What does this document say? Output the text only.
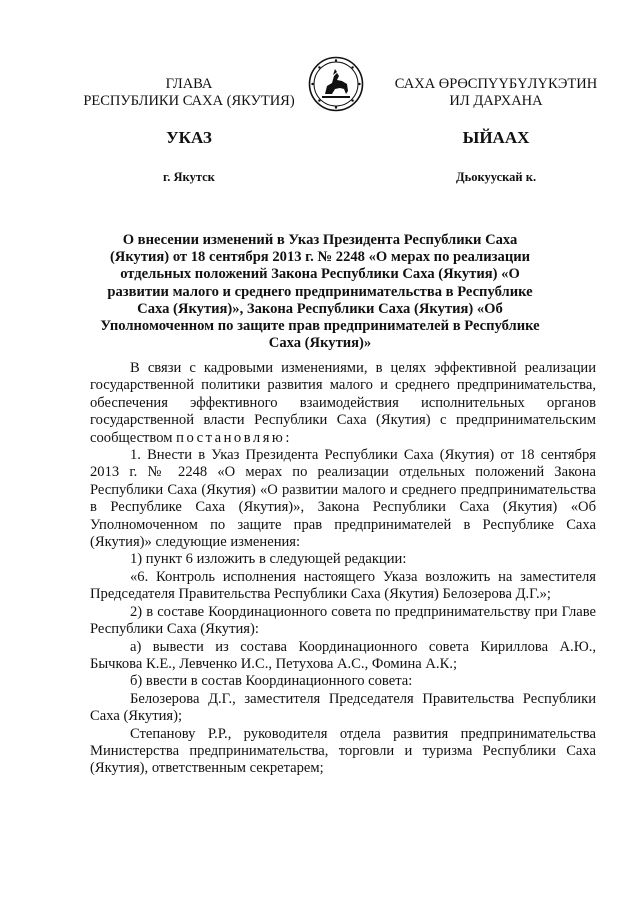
ГЛАВА
РЕСПУБЛИКИ САХА (ЯКУТИЯ)
САХА ӨРӨСПҮҮБҮЛҮКЭТИН
ИЛ ДАРХАНА
УКАЗ	ЫЙААХ
г. Якутск	Дьокуускай к.
О внесении изменений в Указ Президента Республики Саха (Якутия) от 18 сентября 2013 г. № 2248 «О мерах по реализации отдельных положений Закона Республики Саха (Якутия) «О развитии малого и среднего предпринимательства в Республике Саха (Якутия)», Закона Республики Саха (Якутия) «Об Уполномоченном по защите прав предпринимателей в Республике Саха (Якутия)»

В связи с кадровыми изменениями, в целях эффективной реализации государственной политики развития малого и среднего предпринимательства, обеспечения эффективного взаимодействия исполнительных органов государственной власти Республики Саха (Якутия) с предпринимательским сообществом постановляю:

1. Внести в Указ Президента Республики Саха (Якутия) от 18 сентября 2013 г. № 2248 «О мерах по реализации отдельных положений Закона Республики Саха (Якутия) «О развитии малого и среднего предпринимательства в Республике Саха (Якутия)», Закона Республики Саха (Якутия) «Об Уполномоченном по защите прав предпринимателей в Республике Саха (Якутия)» следующие изменения:

1) пункт 6 изложить в следующей редакции:

«6. Контроль исполнения настоящего Указа возложить на заместителя Председателя Правительства Республики Саха (Якутия) Белозерова Д.Г.»;

2) в составе Координационного совета по предпринимательству при Главе Республики Саха (Якутия):

а) вывести из состава Координационного совета Кириллова А.Ю., Бычкова К.Е., Левченко И.С., Петухова А.С., Фомина А.К.;

б) ввести в состав Координационного совета:

Белозерова Д.Г., заместителя Председателя Правительства Республики Саха (Якутия);

Степанову Р.Р., руководителя отдела развития предпринимательства Министерства предпринимательства, торговли и туризма Республики Саха (Якутия), ответственным секретарем;
